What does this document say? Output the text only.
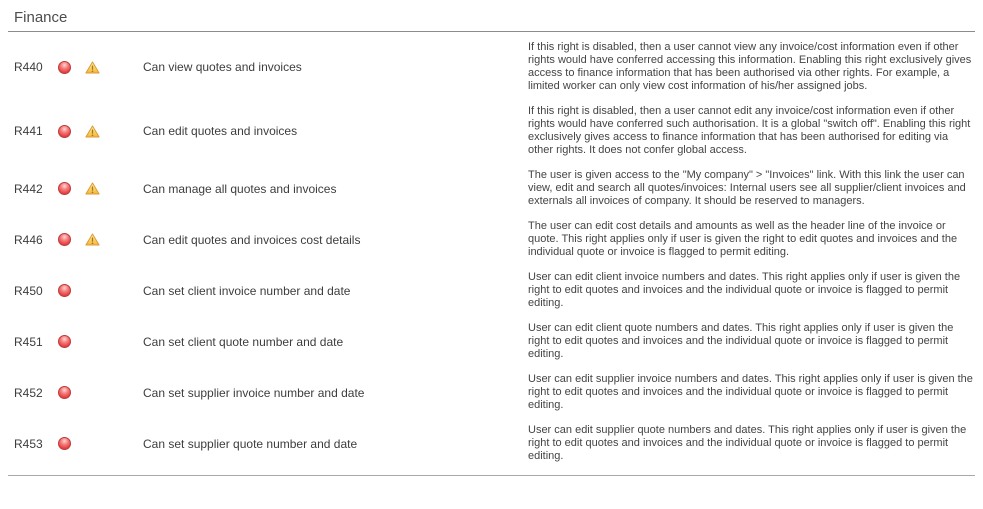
Finance
R440	Can view quotes and invoices
If this right is disabled, then a user cannot view any invoice/cost information even if other rights would have conferred accessing this information. Enabling this right exclusively gives access to finance information that has been authorised via other rights. For example, a limited worker can only view cost information of his/her assigned jobs.
R441	Can edit quotes and invoices
If this right is disabled, then a user cannot edit any invoice/cost information even if other rights would have conferred such authorisation. It is a global "switch off". Enabling this right exclusively gives access to finance information that has been authorised for editing via other rights. It does not confer global access.
R442	Can manage all quotes and invoices
The user is given access to the "My company" > "Invoices" link. With this link the user can view, edit and search all quotes/invoices: Internal users see all supplier/client invoices and externals all invoices of company. It should be reserved to managers.
R446	Can edit quotes and invoices cost details
The user can edit cost details and amounts as well as the header line of the invoice or quote. This right applies only if user is given the right to edit quotes and invoices and the individual quote or invoice is flagged to permit editing.
R450	Can set client invoice number and date
User can edit client invoice numbers and dates. This right applies only if user is given the right to edit quotes and invoices and the individual quote or invoice is flagged to permit editing.
R451	Can set client quote number and date
User can edit client quote numbers and dates. This right applies only if user is given the right to edit quotes and invoices and the individual quote or invoice is flagged to permit editing.
R452	Can set supplier invoice number and date
User can edit supplier invoice numbers and dates. This right applies only if user is given the right to edit quotes and invoices and the individual quote or invoice is flagged to permit editing.
R453	Can set supplier quote number and date
User can edit supplier quote numbers and dates. This right applies only if user is given the right to edit quotes and invoices and the individual quote or invoice is flagged to permit editing.
